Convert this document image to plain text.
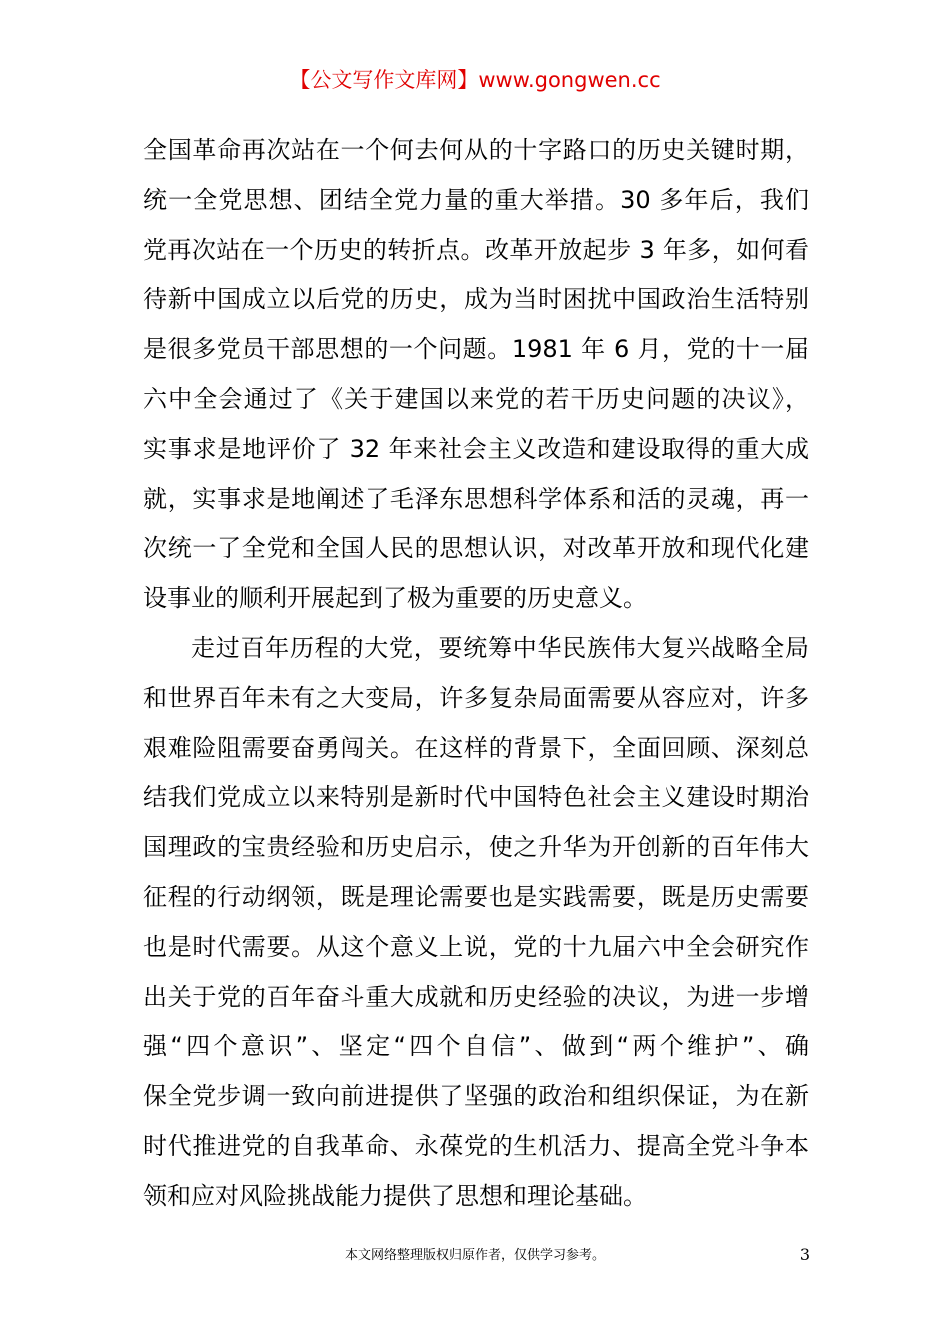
【公文写作文库网】www.gongwen.cc
全国革命再次站在一个何去何从的十字路口的历史关键时期，
统一全党思想、团结全党力量的重大举措。30 多年后，我们
党再次站在一个历史的转折点。改革开放起步 3 年多，如何看
待新中国成立以后党的历史，成为当时困扰中国政治生活特别
是很多党员干部思想的一个问题。1981 年 6 月，党的十一届
六中全会通过了《关于建国以来党的若干历史问题的决议》，
实事求是地评价了 32 年来社会主义改造和建设取得的重大成
就，实事求是地阐述了毛泽东思想科学体系和活的灵魂，再一
次统一了全党和全国人民的思想认识，对改革开放和现代化建
设事业的顺利开展起到了极为重要的历史意义。
走过百年历程的大党，要统筹中华民族伟大复兴战略全局
和世界百年未有之大变局，许多复杂局面需要从容应对，许多
艰难险阻需要奋勇闯关。在这样的背景下，全面回顾、深刻总
结我们党成立以来特别是新时代中国特色社会主义建设时期治
国理政的宝贵经验和历史启示，使之升华为开创新的百年伟大
征程的行动纲领，既是理论需要也是实践需要，既是历史需要
也是时代需要。从这个意义上说，党的十九届六中全会研究作
出关于党的百年奋斗重大成就和历史经验的决议，为进一步增
强“四个意识”、坚定“四个自信”、做到“两个维护”、确
保全党步调一致向前进提供了坚强的政治和组织保证，为在新
时代推进党的自我革命、永葆党的生机活力、提高全党斗争本
领和应对风险挑战能力提供了思想和理论基础。
本文网络整理版权归原作者，仅供学习参考。	3
